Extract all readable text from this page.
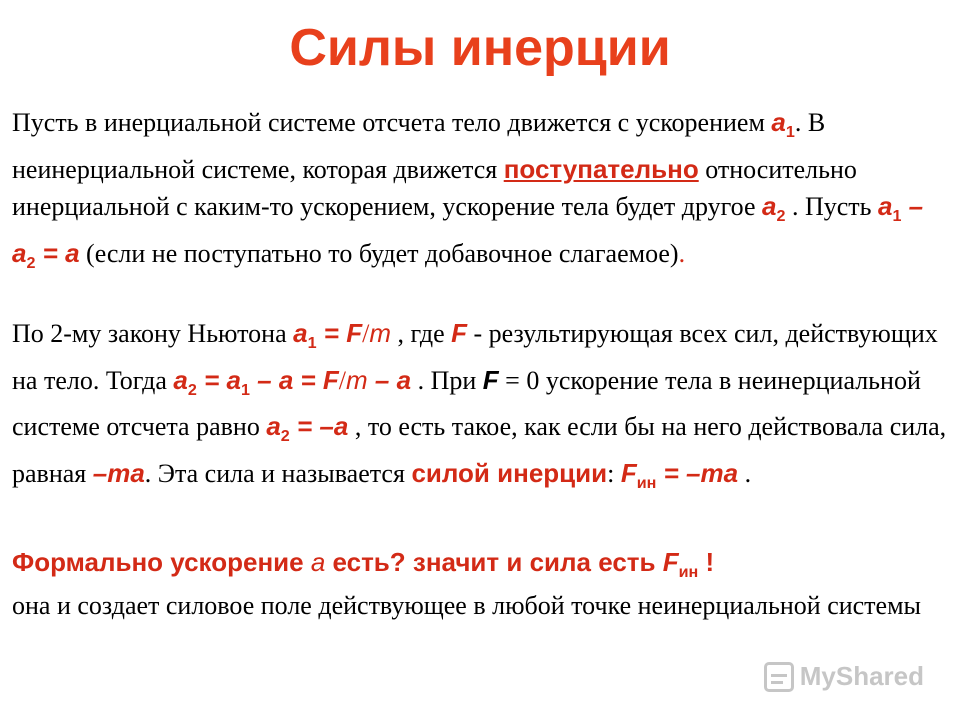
Силы инерции

Пусть в инерциальной системе отсчета тело движется с ускорением $a_1$. В неинерциальной системе, которая движется поступательно относительно инерциальной с каким-то ускорением, ускорение тела будет другое $a_2$ . Пусть $a_1 - a_2 = a$ (если не поступатьно то будет добавочное слагаемое).

По 2-му закону Ньютона $a_1 = F/m$ , где F - результирующая всех сил, действующих на тело. Тогда $a_2 = a_1 - a = F/m - a$ . При F = 0 ускорение тела в неинерциальной системе отсчета равно $a_2 = -a$ , то есть такое, как если бы на него действовала сила, равная –ma. Эта сила и называется силой инерции: $F_{ин} = -ma$ .

Формально ускорение a есть? значит и сила есть $F_{ин}$ !
она и создает силовое поле действующее в любой точке неинерциальной системы

MyShared
